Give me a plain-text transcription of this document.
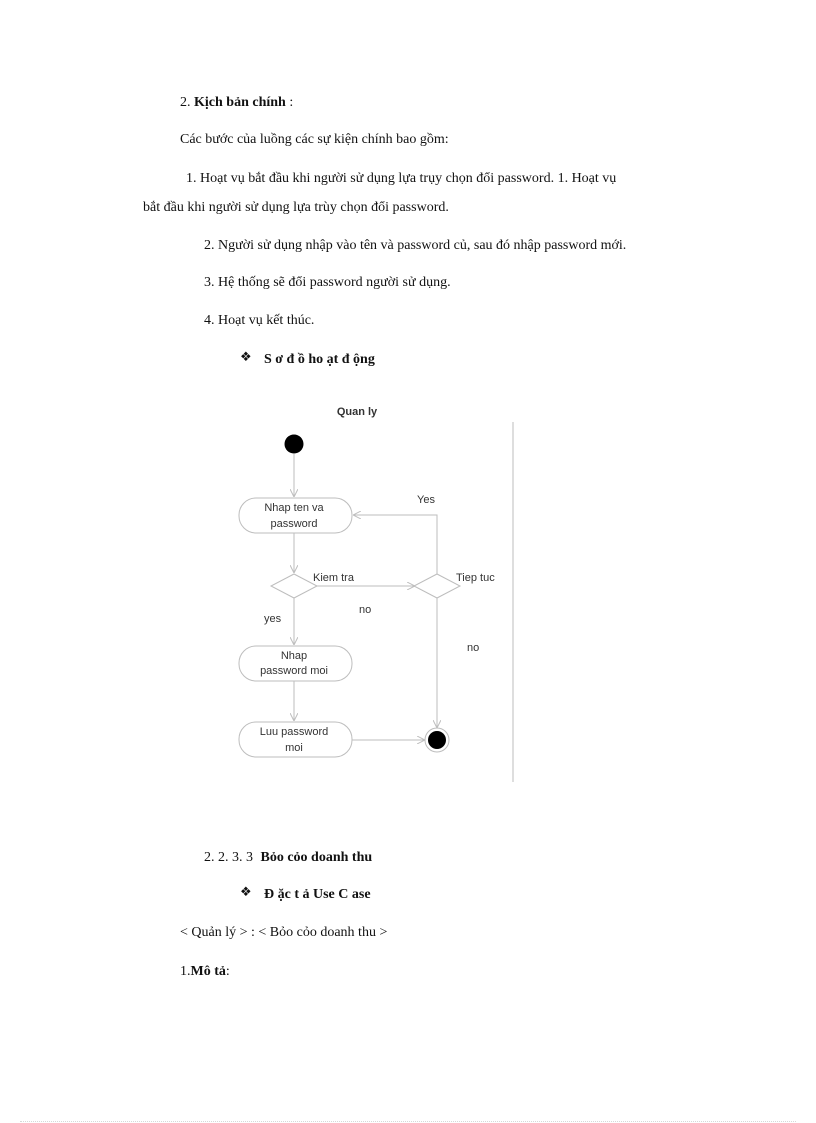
2. Kịch bản chính :
Các bước của luồng các sự kiện chính bao gồm:
1. Hoạt vụ bắt đầu khi người sử dụng lựa trụy chọn đổi password. 1. Hoạt vụ
bắt đầu khi người sử dụng lựa trùy chọn đổi password.
2. Người sử dụng nhập vào tên và password củ, sau đó nhập password mới.
3. Hệ thống sẽ đổi password người sử dụng.
4. Hoạt vụ kết thúc.
❖ S ơ đ ồ ho ạt đ ộng
Quan ly
Nhap ten va
password
Kiem tra
no
Tiep tuc
Yes
no
yes
Nhap
password moi
Luu password
moi
2. 2. 3. 3 Bỏo cỏo doanh thu
❖ Đ ặc t ả Use C ase
< Quản lý > : < Bỏo cỏo doanh thu >
1.Mô tả:
